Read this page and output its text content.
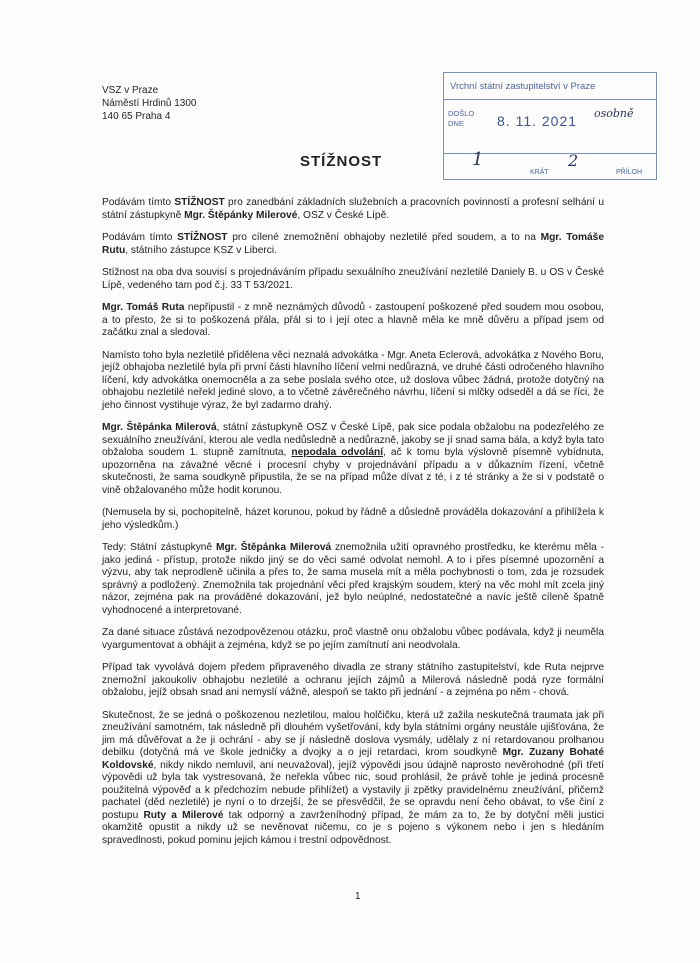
VSZ v Praze
Náměstí Hrdinů 1300
140 65 Praha 4
Vrchní státní zastupitelství v Praze
DOŠLO
DNE	8. 11. 2021 osobně
1
KRÁT
2
PŘÍLOH
STÍŽNOST

Podávám tímto STÍŽNOST pro zanedbání základních služebních a pracovních povinností a profesní selhání u státní zástupkyně Mgr. Štěpánky Milerové, OSZ v České Lípě.

Podávám tímto STÍŽNOST pro cílené znemožnění obhajoby nezletilé před soudem, a to na Mgr. Tomáše Rutu, státního zástupce KSZ v Liberci.

Stížnost na oba dva souvisí s projednáváním případu sexuálního zneužívání nezletilé Daniely B. u OS v České Lípě, vedeného tam pod č.j. 33 T 53/2021.

Mgr. Tomáš Ruta nepřipustil - z mně neznámých důvodů - zastoupení poškozené před soudem mou osobou, a to přesto, že si to poškozená přála, přál si to i její otec a hlavně měla ke mně důvěru a případ jsem od začátku znal a sledoval.

Namísto toho byla nezletilé přidělena věci neznalá advokátka - Mgr. Aneta Eclerová, advokátka z Nového Boru, jejíž obhajoba nezletilé byla při první části hlavního líčení velmi nedůrazná, ve druhé části odročeného hlavního líčení, kdy advokátka onemocněla a za sebe poslala svého otce, už doslova vůbec žádná, protože dotyčný na obhajobu nezletilé neřekl jediné slovo, a to včetně závěrečného návrhu, líčení si mlčky odseděl a dá se říci, že jeho činnost vystihuje výraz, že byl zadarmo drahý.

Mgr. Štěpánka Milerová, státní zástupkyně OSZ v České Lípě, pak sice podala obžalobu na podezřelého ze sexuálního zneužívání, kterou ale vedla nedůsledně a nedůrazně, jakoby se jí snad sama bála, a když byla tato obžaloba soudem 1. stupně zamítnuta, nepodala odvolání, ač k tomu byla výslovně písemně vybídnuta, upozorněna na závažné věcné i procesní chyby v projednávání případu a v důkazním řízení, včetně skutečnosti, že sama soudkyně připustila, že se na případ může dívat z té, i z té stránky a že si v podstatě o vině obžalovaného může hodit korunou.

(Nemusela by si, pochopitelně, házet korunou, pokud by řádně a důsledně prováděla dokazování a přihlížela k jeho výsledkům.)

Tedy: Státní zástupkyně Mgr. Štěpánka Milerová znemožnila užití opravného prostředku, ke kterému měla - jako jediná - přístup, protože nikdo jiný se do věci samé odvolat nemohl. A to i přes písemné upozornění a výzvu, aby tak neprodleně učinila a přes to, že sama musela mít a měla pochybnosti o tom, zda je rozsudek správný a podložený. Znemožnila tak projednání věci před krajským soudem, který na věc mohl mít zcela jiný názor, zejména pak na prováděné dokazování, jež bylo neúplné, nedostatečné a navíc ještě cíleně špatně vyhodnocené a interpretované.

Za dané situace zůstává nezodpovězenou otázku, proč vlastně onu obžalobu vůbec podávala, když ji neuměla vyargumentovat a obhájit a zejména, když se po jejím zamítnutí ani neodvolala.

Případ tak vyvolává dojem předem připraveného divadla ze strany státního zastupitelství, kde Ruta nejprve znemožní jakoukoliv obhajobu nezletilé a ochranu jejích zájmů a Milerová následně podá ryze formální obžalobu, jejíž obsah snad ani nemyslí vážně, alespoň se takto při jednání - a zejména po něm - chová.

Skutečnost, že se jedná o poškozenou nezletilou, malou holčičku, která už zažila neskutečná traumata jak při zneužívání samotném, tak následně při dlouhém vyšetřování, kdy byla státními orgány neustále ujišťována, že jim má důvěřovat a že ji ochrání - aby se jí následně doslova vysmály, udělaly z ní retardovanou prolhanou debilku (dotyčná má ve škole jedničky a dvojky a o její retardaci, krom soudkyně Mgr. Zuzany Bohaté Koldovské, nikdy nikdo nemluvil, ani neuvažoval), jejíž výpovědi jsou údajně naprosto nevěrohodné (při třetí výpovědi už byla tak vystresovaná, že neřekla vůbec nic, soud prohlásil, že právě tohle je jediná procesně použitelná výpověď a k předchozím nebude přihlížet) a vystavily ji zpětky pravidelnému zneužívání, přičemž pachatel (děd nezletilé) je nyní o to drzejší, že se přesvědčil, že se opravdu není čeho obávat, to vše činí z postupu Ruty a Milerové tak odporný a zavrženíhodný případ, že mám za to, že by dotyční měli justici okamžitě opustit a nikdy už se nevěnovat ničemu, co je s pojeno s výkonem nebo i jen s hledáním spravedlnosti, pokud pominu jejich kámou i trestní odpovědnost.

1
